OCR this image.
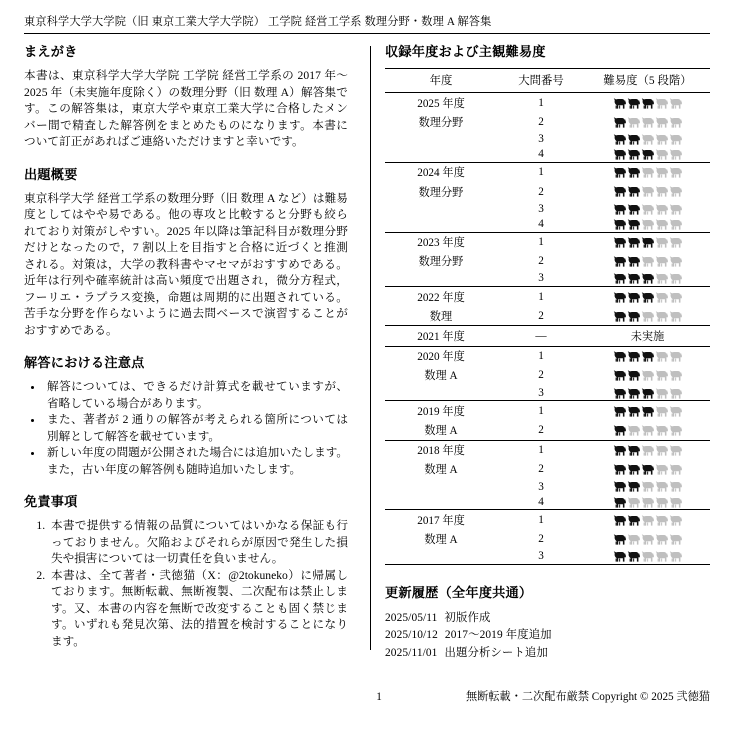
東京科学大学大学院（旧 東京工業大学大学院） 工学院 経営工学系 数理分野・数理 A 解答集
まえがき

本書は、東京科学大学大学院 工学院 経営工学系の 2017 年〜2025 年（未実施年度除く）の数理分野（旧 数理 A）解答集です。この解答集は，東京大学や東京工業大学に合格したメンバー間で精査した解答例をまとめたものになります。本書について訂正があればご連絡いただけますと幸いです。

出題概要

東京科学大学 経営工学系の数理分野（旧 数理 A など）は難易度としてはやや易である。他の専攻と比較すると分野も絞られており対策がしやすい。2025 年以降は筆記科目が数理分野だけとなったので，7 割以上を目指すと合格に近づくと推測される。対策は，大学の教科書やマセマがおすすめである。近年は行列や確率統計は高い頻度で出題され，微分方程式，フーリエ・ラプラス変換，命題は周期的に出題されている。苦手な分野を作らないように過去問ベースで演習することがおすすめである。

解答における注意点
• 解答については、できるだけ計算式を載せていますが、省略している場合があります。
• また、著者が 2 通りの解答が考えられる箇所については別解として解答を載せています。
• 新しい年度の問題が公開された場合には追加いたします。また，古い年度の解答例も随時追加いたします。
免責事項
1. 本書で提供する情報の品質についてはいかなる保証も行っておりません。欠陥およびそれらが原因で発生した損失や損害については一切責任を負いません。
2. 本書は、全て著者・弐徳猫（X：@2tokuneko）に帰属しております。無断転載、無断複製、二次配布は禁止します。又、本書の内容を無断で改変することも固く禁じます。いずれも発見次第、法的措置を検討することになります。
収録年度および主観難易度
年度	大問番号	難易度（5 段階）
2025 年度	1	
数理分野	2	
	3	
	4	
2024 年度	1	
数理分野	2	
	3	
	4	
2023 年度	1	
数理分野	2	
	3	
2022 年度	1	
数理	2	
2021 年度	—	未実施
2020 年度	1	
数理 A	2	
	3	
2019 年度	1	
数理 A	2	
2018 年度	1	
数理 A	2	
	3	
	4	
2017 年度	1	
数理 A	2	
	3	
更新履歴（全年度共通）
2025/05/11 初版作成
2025/10/12 2017〜2019 年度追加
2025/11/01 出題分析シート追加
1	無断転載・二次配布厳禁 Copyright © 2025 弐徳猫
